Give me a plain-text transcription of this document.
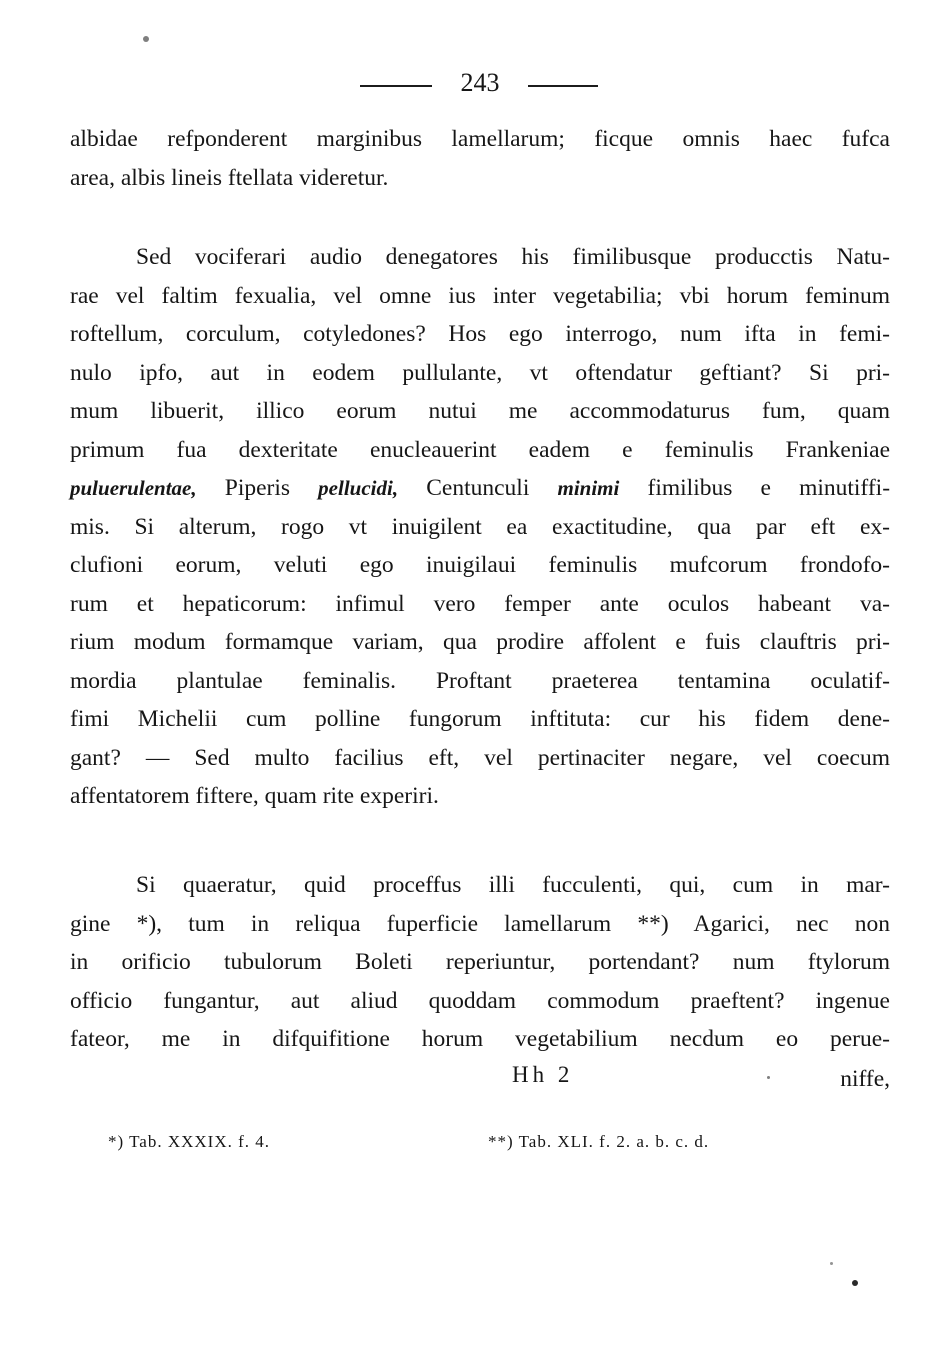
243
albidae refponderent marginibus lamellarum; ficque omnis haec fufca
area, albis lineis ftellata videretur.
Sed vociferari audio denegatores his fimilibusque producctis Natu-
rae vel faltim fexualia, vel omne ius inter vegetabilia; vbi horum feminum
roftellum, corculum, cotyledones? Hos ego interrogo, num ifta in femi-
nulo ipfo, aut in eodem pullulante, vt oftendatur geftiant? Si pri-
mum libuerit, illico eorum nutui me accommodaturus fum, quam
primum fua dexteritate enucleauerint eadem e feminulis Frankeniae
puluerulentae, Piperis pellucidi, Centunculi minimi fimilibus e minutiffi-
mis. Si alterum, rogo vt inuigilent ea exactitudine, qua par eft ex-
clufioni eorum, veluti ego inuigilaui feminulis mufcorum frondofo-
rum et hepaticorum: infimul vero femper ante oculos habeant va-
rium modum formamque variam, qua prodire affolent e fuis clauftris pri-
mordia plantulae feminalis. Proftant praeterea tentamina oculatif-
fimi Michelii cum polline fungorum inftituta: cur his fidem dene-
gant? — Sed multo facilius eft, vel pertinaciter negare, vel coecum
affentatorem fiftere, quam rite experiri.
Si quaeratur, quid proceffus illi fucculenti, qui, cum in mar-
gine *), tum in reliqua fuperficie lamellarum **) Agarici, nec non
in orificio tubulorum Boleti reperiuntur, portendant? num ftylorum
officio fungantur, aut aliud quoddam commodum praeftent? ingenue
fateor, me in difquifitione horum vegetabilium necdum eo perue-
Hh 2	niffe,
*) Tab. XXXIX. f. 4.	**) Tab. XLI. f. 2. a. b. c. d.
